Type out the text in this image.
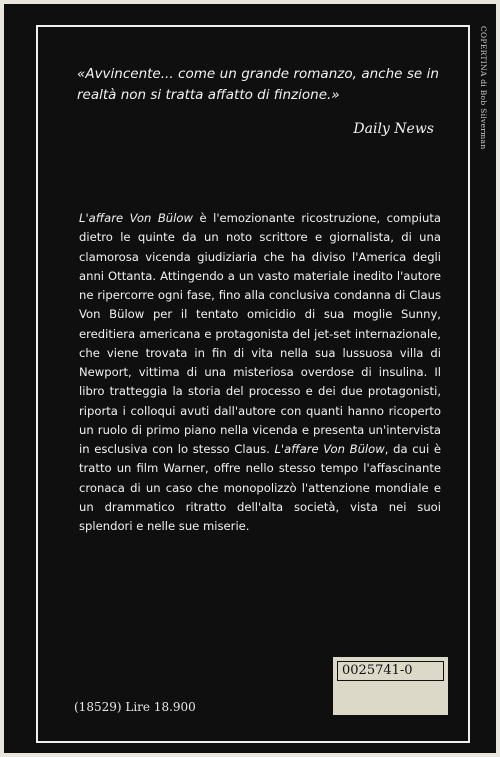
«Avvincente... come un grande romanzo, anche se in realtà non si tratta affatto di finzione.»

Daily News	COPERTINA di Bob Silverman

L'affare Von Bülow è l'emozionante ricostruzione, compiuta dietro le quinte da un noto scrittore e giornalista, di una clamorosa vicenda giudiziaria che ha diviso l'America degli anni Ottanta. Attingendo a un vasto materiale inedito l'autore ne ripercorre ogni fase, fino alla conclusiva condanna di Claus Von Bülow per il tentato omicidio di sua moglie Sunny, ereditiera americana e protagonista del jet-set internazionale, che viene trovata in fin di vita nella sua lussuosa villa di Newport, vittima di una misteriosa overdose di insulina. Il libro tratteggia la storia del processo e dei due protagonisti, riporta i colloqui avuti dall'autore con quanti hanno ricoperto un ruolo di primo piano nella vicenda e presenta un'intervista in esclusiva con lo stesso Claus. L'affare Von Bülow, da cui è tratto un film Warner, offre nello stesso tempo l'affascinante cronaca di un caso che monopolizzò l'attenzione mondiale e un drammatico ritratto dell'alta società, vista nei suoi splendori e nelle sue miserie.

(18529) Lire 18.900
0025741-0
